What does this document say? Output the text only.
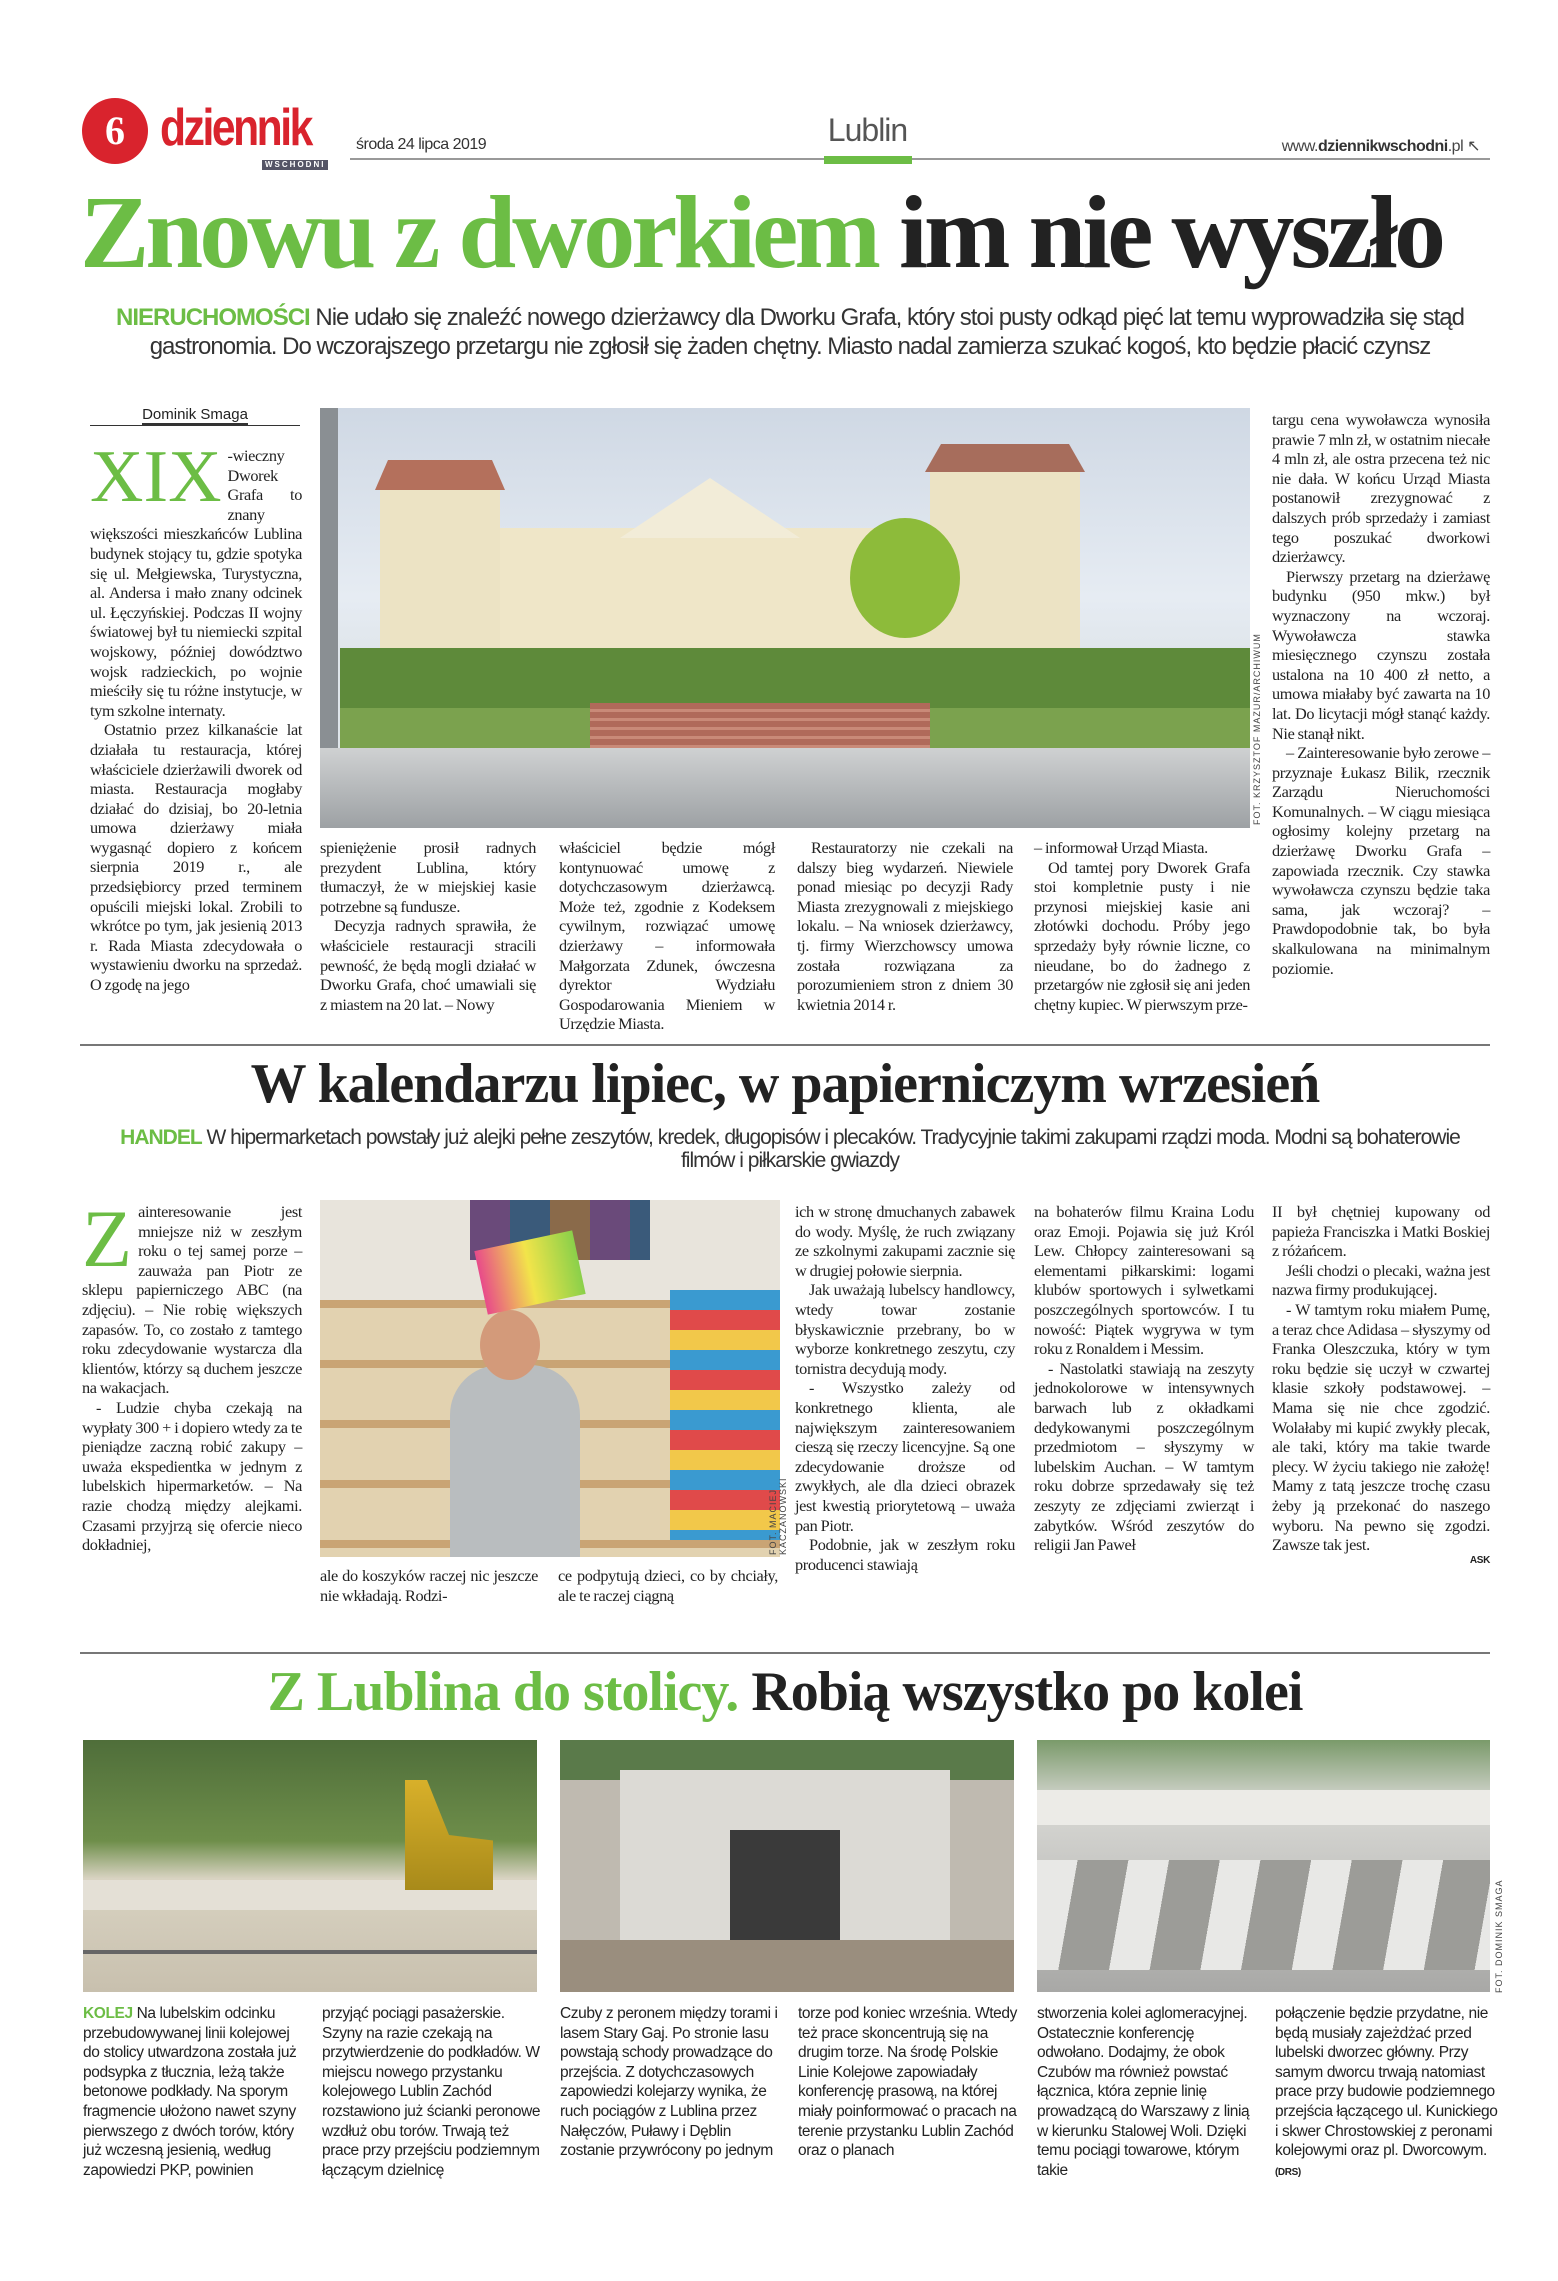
6 dziennik
WSCHODNI
środa 24 lipca 2019	Lublin	www.dziennikwschodni.pl ↖
Znowu z dworkiem im nie wyszło
NIERUCHOMOŚCI Nie udało się znaleźć nowego dzierżawcy dla Dworku Grafa, który stoi pusty odkąd pięć lat temu wyprowadziła się stąd gastronomia. Do wczorajszego przetargu nie zgłosił się żaden chętny. Miasto nadal zamierza szukać kogoś, kto będzie płacić czynsz
Dominik Smaga
XIX -wieczny Dworek Grafa to znany większości mieszkańców Lublina budynek stojący tu, gdzie spotyka się ul. Mełgiewska, Turystyczna, al. Andersa i mało znany odcinek ul. Łęczyńskiej. Podczas II wojny światowej był tu niemiecki szpital wojskowy, później dowództwo wojsk radzieckich, po wojnie mieściły się tu różne instytucje, w tym szkolne internaty.

Ostatnio przez kilkanaście lat działała tu restauracja, której właściciele dzierżawili dworek od miasta. Restauracja mogłaby działać do dzisiaj, bo 20-letnia umowa dzierżawy miała wygasnąć dopiero z końcem sierpnia 2019 r., ale przedsiębiorcy przed terminem opuścili miejski lokal. Zrobili to wkrótce po tym, jak jesienią 2013 r. Rada Miasta zdecydowała o wystawieniu dworku na sprzedaż. O zgodę na jego

FOT. KRZYSZTOF MAZUR/ARCHIWUM

spieniężenie prosił radnych prezydent Lublina, który tłumaczył, że w miejskiej kasie potrzebne są fundusze.

Decyzja radnych sprawiła, że właściciele restauracji stracili pewność, że będą mogli działać w Dworku Grafa, choć umawiali się z miastem na 20 lat. – Nowy

właściciel będzie mógł kontynuować umowę z dotychczasowym dzierżawcą. Może też, zgodnie z Kodeksem cywilnym, rozwiązać umowę dzierżawy – informowała Małgorzata Zdunek, ówczesna dyrektor Wydziału Gospodarowania Mieniem w Urzędzie Miasta.

Restauratorzy nie czekali na dalszy bieg wydarzeń. Niewiele ponad miesiąc po decyzji Rady Miasta zrezygnowali z miejskiego lokalu. – Na wniosek dzierżawcy, tj. firmy Wierzchowscy umowa została rozwiązana za porozumieniem stron z dniem 30 kwietnia 2014 r.

– informował Urząd Miasta.

Od tamtej pory Dworek Grafa stoi kompletnie pusty i nie przynosi miejskiej kasie ani złotówki dochodu. Próby jego sprzedaży były równie liczne, co nieudane, bo do żadnego z przetargów nie zgłosił się ani jeden chętny kupiec. W pierwszym prze-

targu cena wywoławcza wynosiła prawie 7 mln zł, w ostatnim niecałe 4 mln zł, ale ostra przecena też nic nie dała. W końcu Urząd Miasta postanowił zrezygnować z dalszych prób sprzedaży i zamiast tego poszukać dworkowi dzierżawcy.

Pierwszy przetarg na dzierżawę budynku (950 mkw.) był wyznaczony na wczoraj. Wywoławcza stawka miesięcznego czynszu została ustalona na 10 400 zł netto, a umowa miałaby być zawarta na 10 lat. Do licytacji mógł stanąć każdy. Nie stanął nikt.

– Zainteresowanie było zerowe – przyznaje Łukasz Bilik, rzecznik Zarządu Nieruchomości Komunalnych. – W ciągu miesiąca ogłosimy kolejny przetarg na dzierżawę Dworku Grafa – zapowiada rzecznik. Czy stawka wywoławcza czynszu będzie taka sama, jak wczoraj? – Prawdopodobnie tak, bo była skalkulowana na minimalnym poziomie.

W kalendarzu lipiec, w papierniczym wrzesień
HANDEL W hipermarketach powstały już alejki pełne zeszytów, kredek, długopisów i plecaków. Tradycyjnie takimi zakupami rządzi moda. Modni są bohaterowie filmów i piłkarskie gwiazdy
Z ainteresowanie jest mniejsze niż w zeszłym roku o tej samej porze – zauważa pan Piotr ze sklepu papierniczego ABC (na zdjęciu). – Nie robię większych zapasów. To, co zostało z tamtego roku zdecydowanie wystarcza dla klientów, którzy są duchem jeszcze na wakacjach.

- Ludzie chyba czekają na wypłaty 300 + i dopiero wtedy za te pieniądze zaczną robić zakupy – uważa ekspedientka w jednym z lubelskich hipermarketów. – Na razie chodzą między alejkami. Czasami przyjrzą się ofercie nieco dokładniej,	FOT. MACIEJ KACZANOWSKI

ale do koszyków raczej nic jeszcze nie wkładają. Rodzi-

ce podpytują dzieci, co by chciały, ale te raczej ciągną

ich w stronę dmuchanych zabawek do wody. Myślę, że ruch związany ze szkolnymi zakupami zacznie się w drugiej połowie sierpnia.

Jak uważają lubelscy handlowcy, wtedy towar zostanie błyskawicznie przebrany, bo w wyborze konkretnego zeszytu, czy tornistra decydują mody.

- Wszystko zależy od konkretnego klienta, ale największym zainteresowaniem cieszą się rzeczy licencyjne. Są one zdecydowanie droższe od zwykłych, ale dla dzieci obrazek jest kwestią priorytetową – uważa pan Piotr.

Podobnie, jak w zeszłym roku producenci stawiają

na bohaterów filmu Kraina Lodu oraz Emoji. Pojawia się już Król Lew. Chłopcy zainteresowani są elementami piłkarskimi: logami klubów sportowych i sylwetkami poszczególnych sportowców. I tu nowość: Piątek wygrywa w tym roku z Ronaldem i Messim.

- Nastolatki stawiają na zeszyty jednokolorowe w intensywnych barwach lub z okładkami dedykowanymi poszczególnym przedmiotom – słyszymy w lubelskim Auchan. – W tamtym roku dobrze sprzedawały się też zeszyty ze zdjęciami zwierząt i zabytków. Wśród zeszytów do religii Jan Paweł

II był chętniej kupowany od papieża Franciszka i Matki Boskiej z różańcem.

Jeśli chodzi o plecaki, ważna jest nazwa firmy produkującej.

- W tamtym roku miałem Pumę, a teraz chce Adidasa – słyszymy od Franka Oleszczuka, który w tym roku będzie się uczył w czwartej klasie szkoły podstawowej. – Mama się nie chce zgodzić. Wolałaby mi kupić zwykły plecak, ale taki, który ma takie twarde plecy. W życiu takiego nie założę! Mamy z tatą jeszcze trochę czasu żeby ją przekonać do naszego wyboru. Na pewno się zgodzi. Zawsze tak jest.

ASK
Z Lublina do stolicy. Robią wszystko po kolei
FOT. DOMINIK SMAGA
KOLEJ Na lubelskim odcinku przebudowywanej linii kolejowej do stolicy utwardzona została już podsypka z tłucznia, leżą także betonowe podkłady. Na sporym fragmencie ułożono nawet szyny pierwszego z dwóch torów, który już wczesną jesienią, według zapowiedzi PKP, powinien
przyjąć pociągi pasażerskie. Szyny na razie czekają na przytwierdzenie do podkładów. W miejscu nowego przystanku kolejowego Lublin Zachód rozstawiono już ścianki peronowe wzdłuż obu torów. Trwają też prace przy przejściu podziemnym łączącym dzielnicę
Czuby z peronem między torami i lasem Stary Gaj. Po stronie lasu powstają schody prowadzące do przejścia. Z dotychczasowych zapowiedzi kolejarzy wynika, że ruch pociągów z Lublina przez Nałęczów, Puławy i Dęblin zostanie przywrócony po jednym
torze pod koniec września. Wtedy też prace skoncentrują się na drugim torze. Na środę Polskie Linie Kolejowe zapowiadały konferencję prasową, na której miały poinformować o pracach na terenie przystanku Lublin Zachód oraz o planach
stworzenia kolei aglomeracyjnej. Ostatecznie konferencję odwołano. Dodajmy, że obok Czubów ma również powstać łącznica, która zepnie linię prowadzącą do Warszawy z linią w kierunku Stalowej Woli. Dzięki temu pociągi towarowe, którym takie
połączenie będzie przydatne, nie będą musiały zajeżdżać przed lubelski dworzec główny. Przy samym dworcu trwają natomiast prace przy budowie podziemnego przejścia łączącego ul. Kunickiego i skwer Chrostowskiej z peronami kolejowymi oraz pl. Dworcowym.
(DRS)
